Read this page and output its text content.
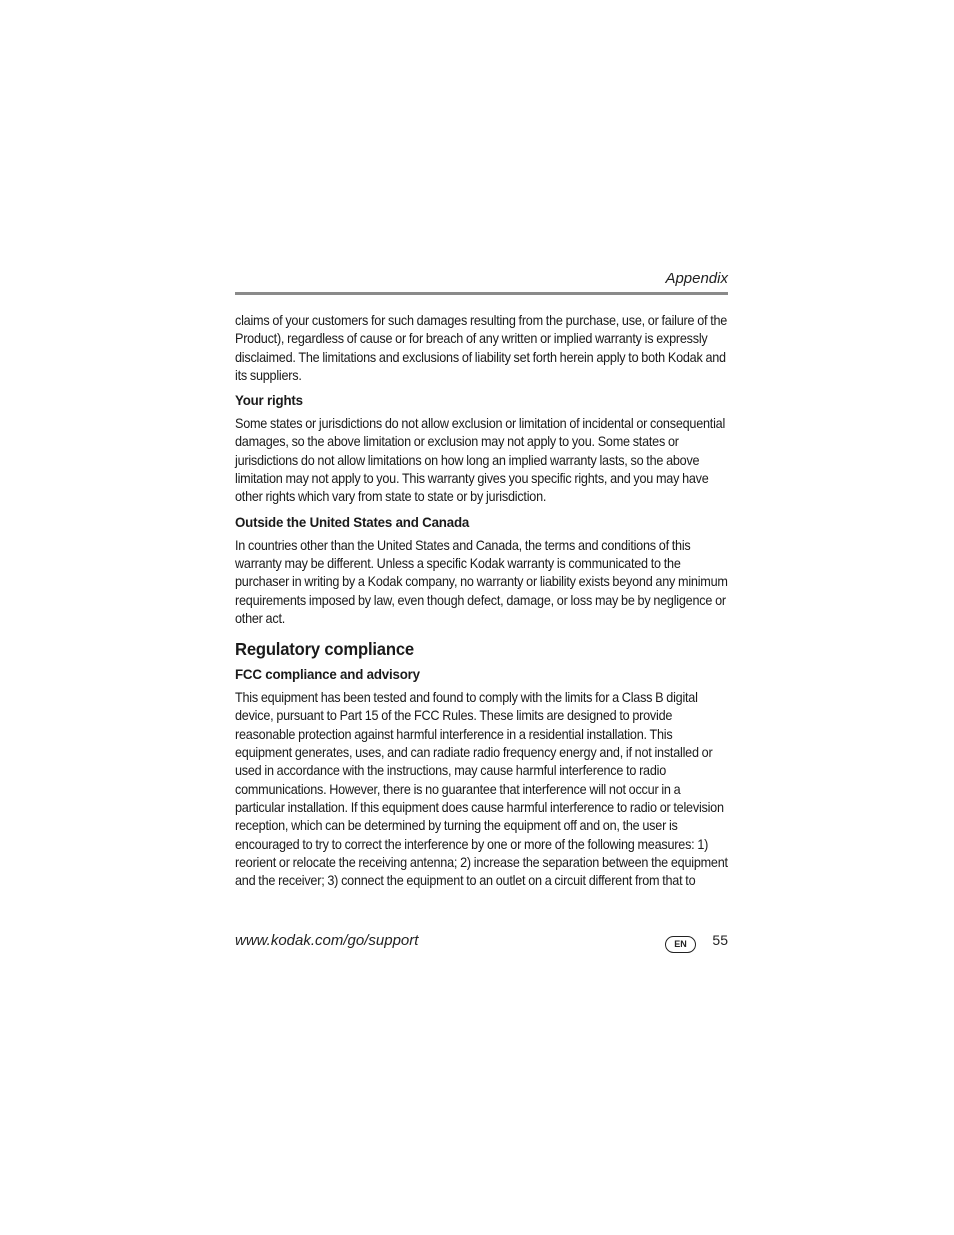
Appendix

claims of your customers for such damages resulting from the purchase, use, or failure of the Product), regardless of cause or for breach of any written or implied warranty is expressly disclaimed. The limitations and exclusions of liability set forth herein apply to both Kodak and its suppliers.

Your rights

Some states or jurisdictions do not allow exclusion or limitation of incidental or consequential damages, so the above limitation or exclusion may not apply to you. Some states or jurisdictions do not allow limitations on how long an implied warranty lasts, so the above limitation may not apply to you. This warranty gives you specific rights, and you may have other rights which vary from state to state or by jurisdiction.

Outside the United States and Canada

In countries other than the United States and Canada, the terms and conditions of this warranty may be different. Unless a specific Kodak warranty is communicated to the purchaser in writing by a Kodak company, no warranty or liability exists beyond any minimum requirements imposed by law, even though defect, damage, or loss may be by negligence or other act.

Regulatory compliance
FCC compliance and advisory

This equipment has been tested and found to comply with the limits for a Class B digital device, pursuant to Part 15 of the FCC Rules. These limits are designed to provide reasonable protection against harmful interference in a residential installation. This equipment generates, uses, and can radiate radio frequency energy and, if not installed or used in accordance with the instructions, may cause harmful interference to radio communications. However, there is no guarantee that interference will not occur in a particular installation. If this equipment does cause harmful interference to radio or television reception, which can be determined by turning the equipment off and on, the user is encouraged to try to correct the interference by one or more of the following measures: 1) reorient or relocate the receiving antenna; 2) increase the separation between the equipment and the receiver; 3) connect the equipment to an outlet on a circuit different from that to

www.kodak.com/go/support	EN	55
